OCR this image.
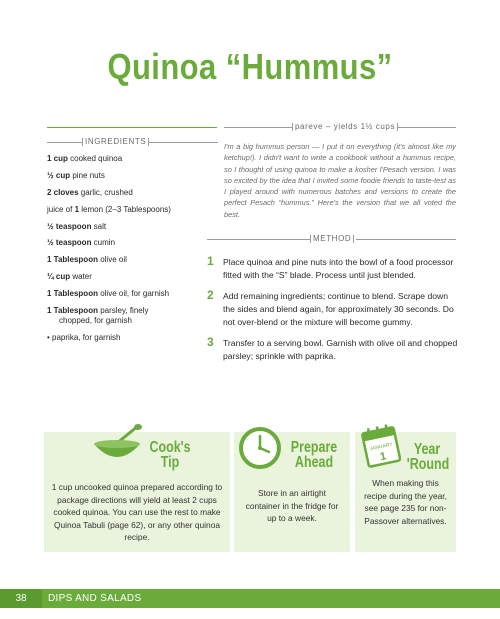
Quinoa “Hummus”
INGREDIENTS
pareve – yields 1½ cups
1 cup cooked quinoa
½ cup pine nuts
2 cloves garlic, crushed
juice of 1 lemon (2–3 Tablespoons)
½ teaspoon salt
½ teaspoon cumin
1 Tablespoon olive oil
¼ cup water
1 Tablespoon olive oil, for garnish
1 Tablespoon parsley, finely
chopped, for garnish
• paprika, for garnish
I'm a big hummus person — I put it on everything (it's almost like my ketchup!). I didn't want to write a cookbook without a hummus recipe, so I thought of using quinoa to make a kosher l'Pesach version. I was so excited by the idea that I invited some foodie friends to taste-test as I played around with numerous batches and versions to create the perfect Pesach “hummus.” Here's the version that we all voted the best.
METHOD
1 Place quinoa and pine nuts into the bowl of a food processor fitted with the “S” blade. Process until just blended.
2 Add remaining ingredients; continue to blend. Scrape down the sides and blend again, for approximately 30 seconds. Do not over-blend or the mixture will become gummy.
3 Transfer to a serving bowl. Garnish with olive oil and chopped parsley; sprinkle with paprika.
Cook's
Tip
1 cup uncooked quinoa prepared according to package directions will yield at least 2 cups cooked quinoa. You can use the rest to make Quinoa Tabuli (page 62), or any other quinoa recipe.
Prepare
Ahead
Store in an airtight container in the fridge for up to a week.
JANUARY
1	Year
'Round
When making this recipe during the year, see page 235 for non-Passover alternatives.
38	DIPS AND SALADS
